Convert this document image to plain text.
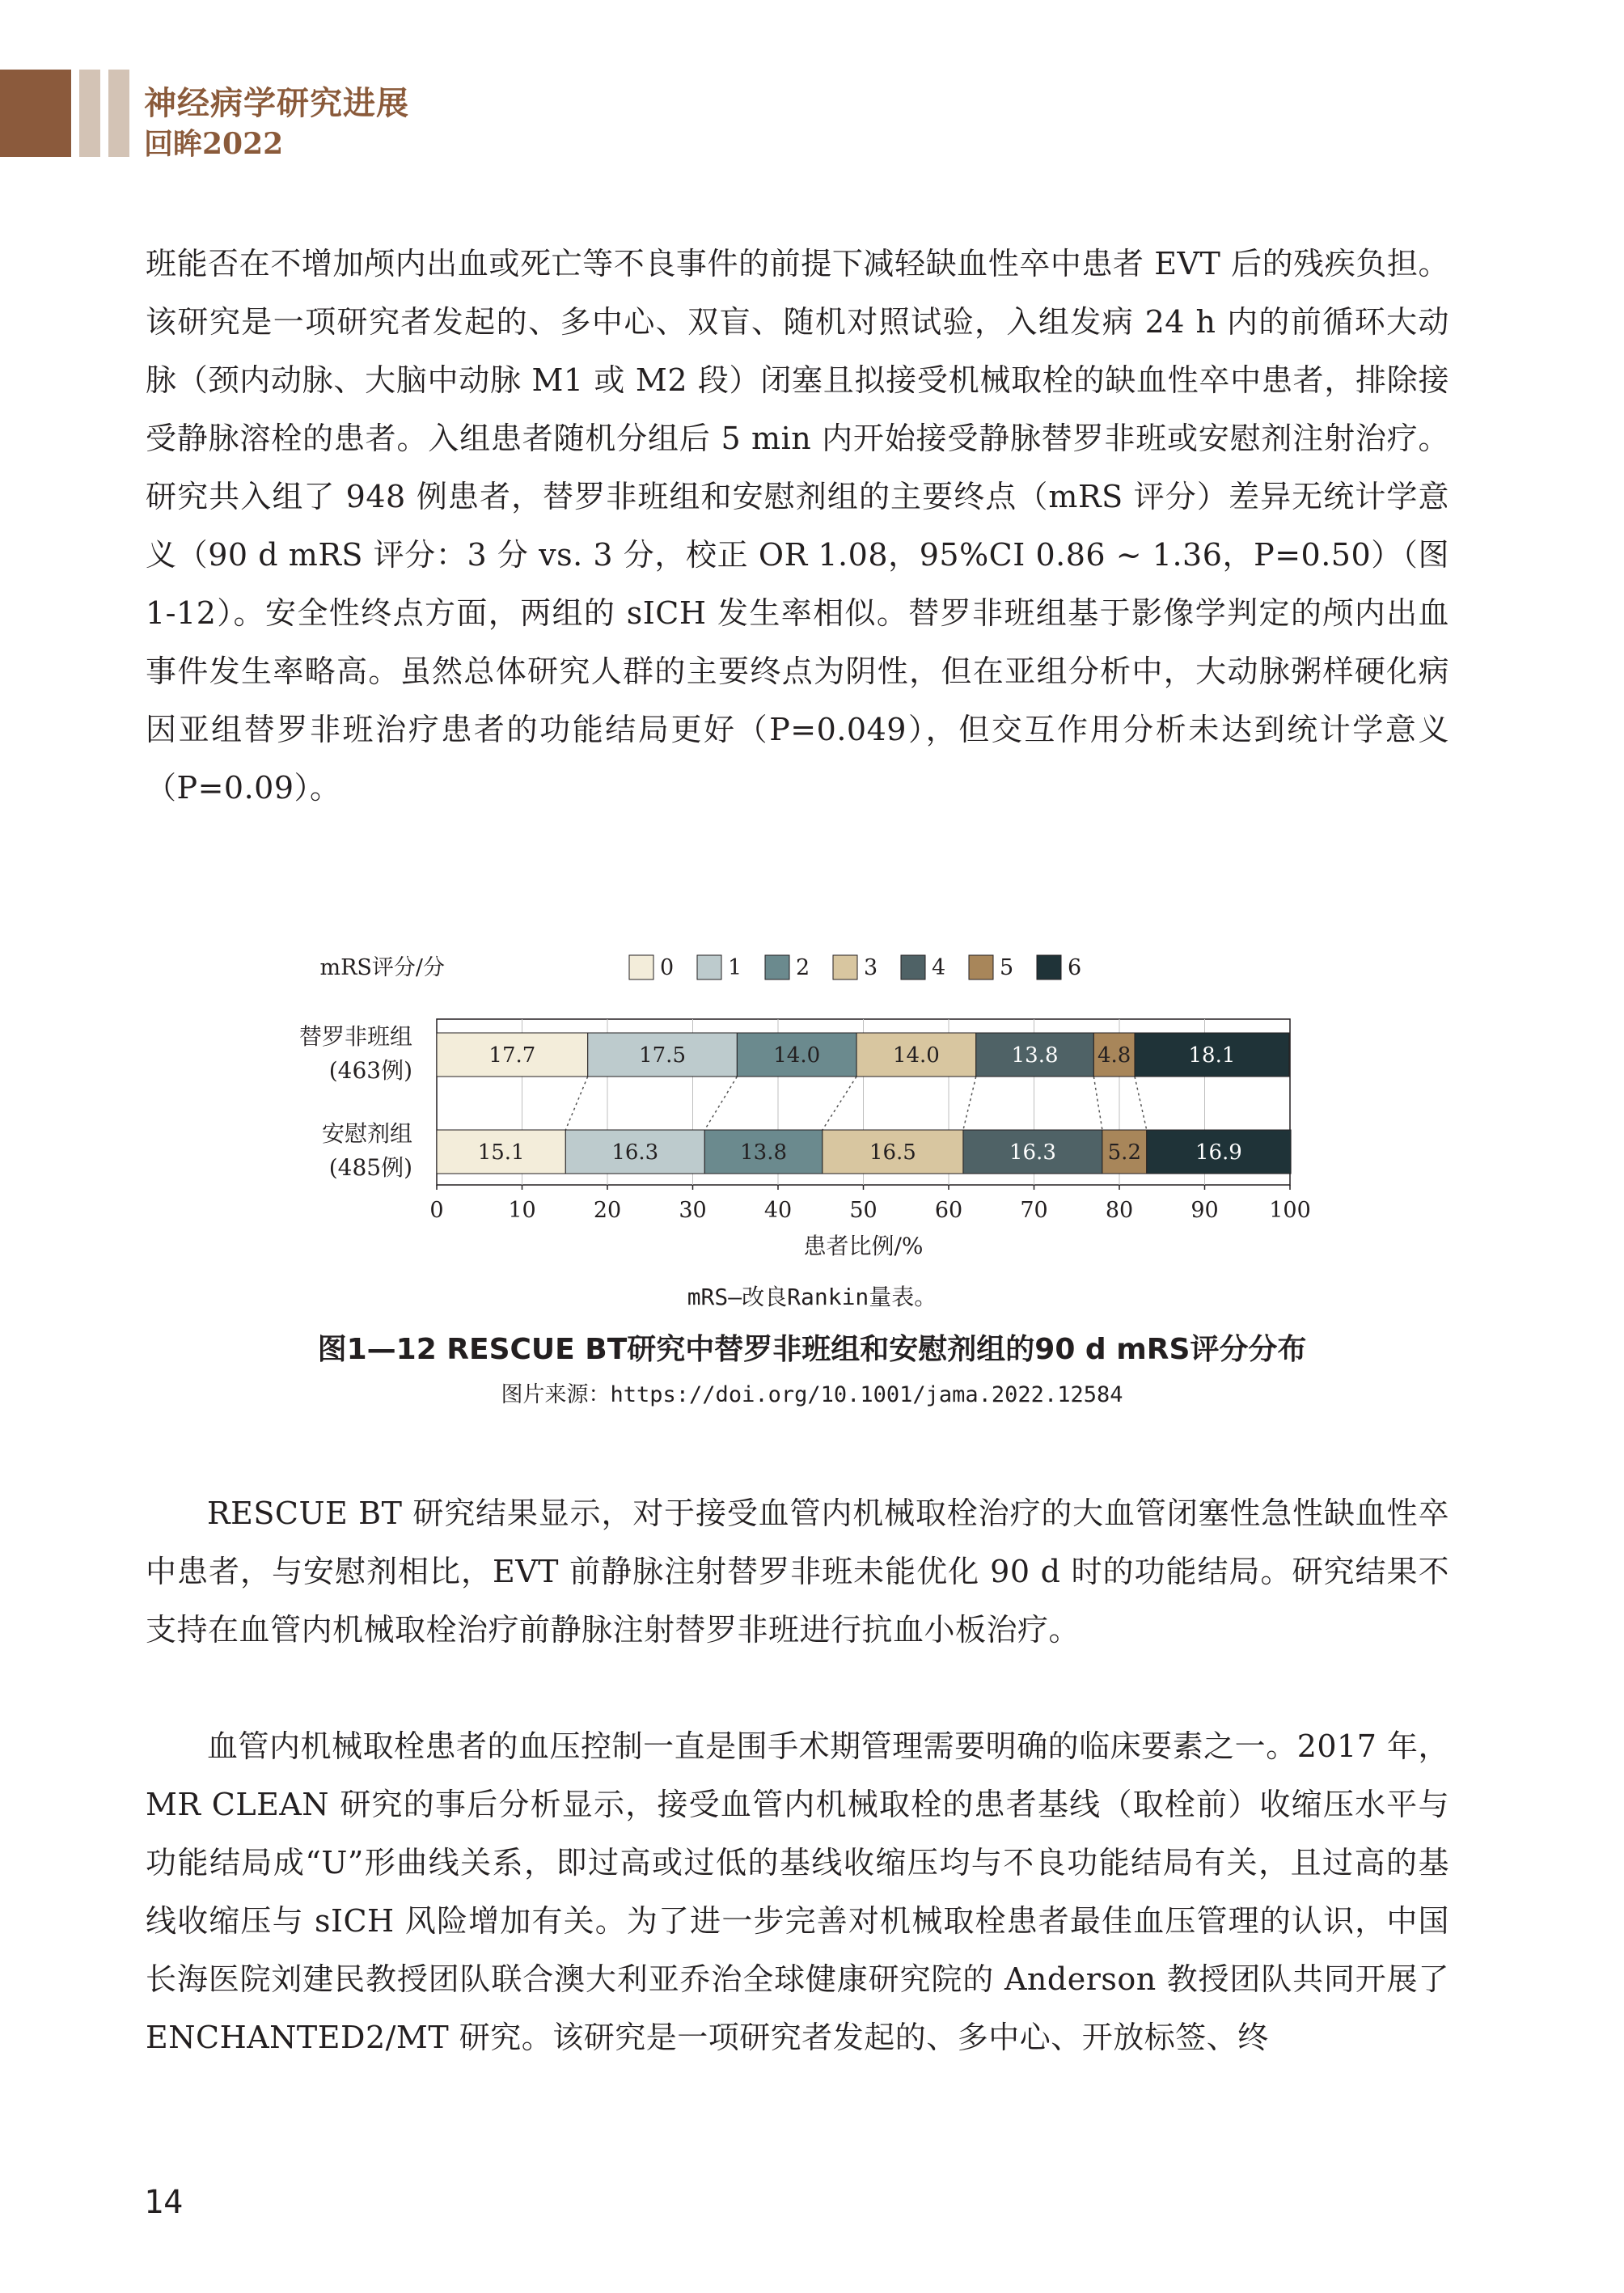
神经病学研究进展
回眸2022

班能否在不增加颅内出血或死亡等不良事件的前提下减轻缺血性卒中患者 EVT 后的残疾负担。该研究是一项研究者发起的、多中心、双盲、随机对照试验，入组发病 24 h 内的前循环大动脉（颈内动脉、大脑中动脉 M1 或 M2 段）闭塞且拟接受机械取栓的缺血性卒中患者，排除接受静脉溶栓的患者。入组患者随机分组后 5 min 内开始接受静脉替罗非班或安慰剂注射治疗。研究共入组了 948 例患者，替罗非班组和安慰剂组的主要终点（mRS 评分）差异无统计学意义（90 d mRS 评分：3 分 vs. 3 分，校正 OR 1.08，95%CI 0.86 ~ 1.36，P=0.50）（图 1-12）。安全性终点方面，两组的 sICH 发生率相似。替罗非班组基于影像学判定的颅内出血事件发生率略高。虽然总体研究人群的主要终点为阴性，但在亚组分析中，大动脉粥样硬化病因亚组替罗非班治疗患者的功能结局更好（P=0.049），但交互作用分析未达到统计学意义（P=0.09）。

mRS评分/分	0 1 2 3 4 5 6
17.7	17.5	14.0	14.0	13.8 4.8	18.1
替罗非班组
(463例)
15.1	16.3	13.8	16.5	16.3 5.2	16.9
安慰剂组
(485例)
0	10	20	30	40	50	60	70	80	90 100
患者比例/%
mRS—改良Rankin量表。
图1—12 RESCUE BT研究中替罗非班组和安慰剂组的90 d mRS评分分布
图片来源：https://doi.org/10.1001/jama.2022.12584

RESCUE BT 研究结果显示，对于接受血管内机械取栓治疗的大血管闭塞性急性缺血性卒中患者，与安慰剂相比，EVT 前静脉注射替罗非班未能优化 90 d 时的功能结局。研究结果不支持在血管内机械取栓治疗前静脉注射替罗非班进行抗血小板治疗。

血管内机械取栓患者的血压控制一直是围手术期管理需要明确的临床要素之一。2017 年，MR CLEAN 研究的事后分析显示，接受血管内机械取栓的患者基线（取栓前）收缩压水平与功能结局成“U”形曲线关系，即过高或过低的基线收缩压均与不良功能结局有关，且过高的基线收缩压与 sICH 风险增加有关。为了进一步完善对机械取栓患者最佳血压管理的认识，中国长海医院刘建民教授团队联合澳大利亚乔治全球健康研究院的 Anderson 教授团队共同开展了 ENCHANTED2/MT 研究。该研究是一项研究者发起的、多中心、开放标签、终

14
